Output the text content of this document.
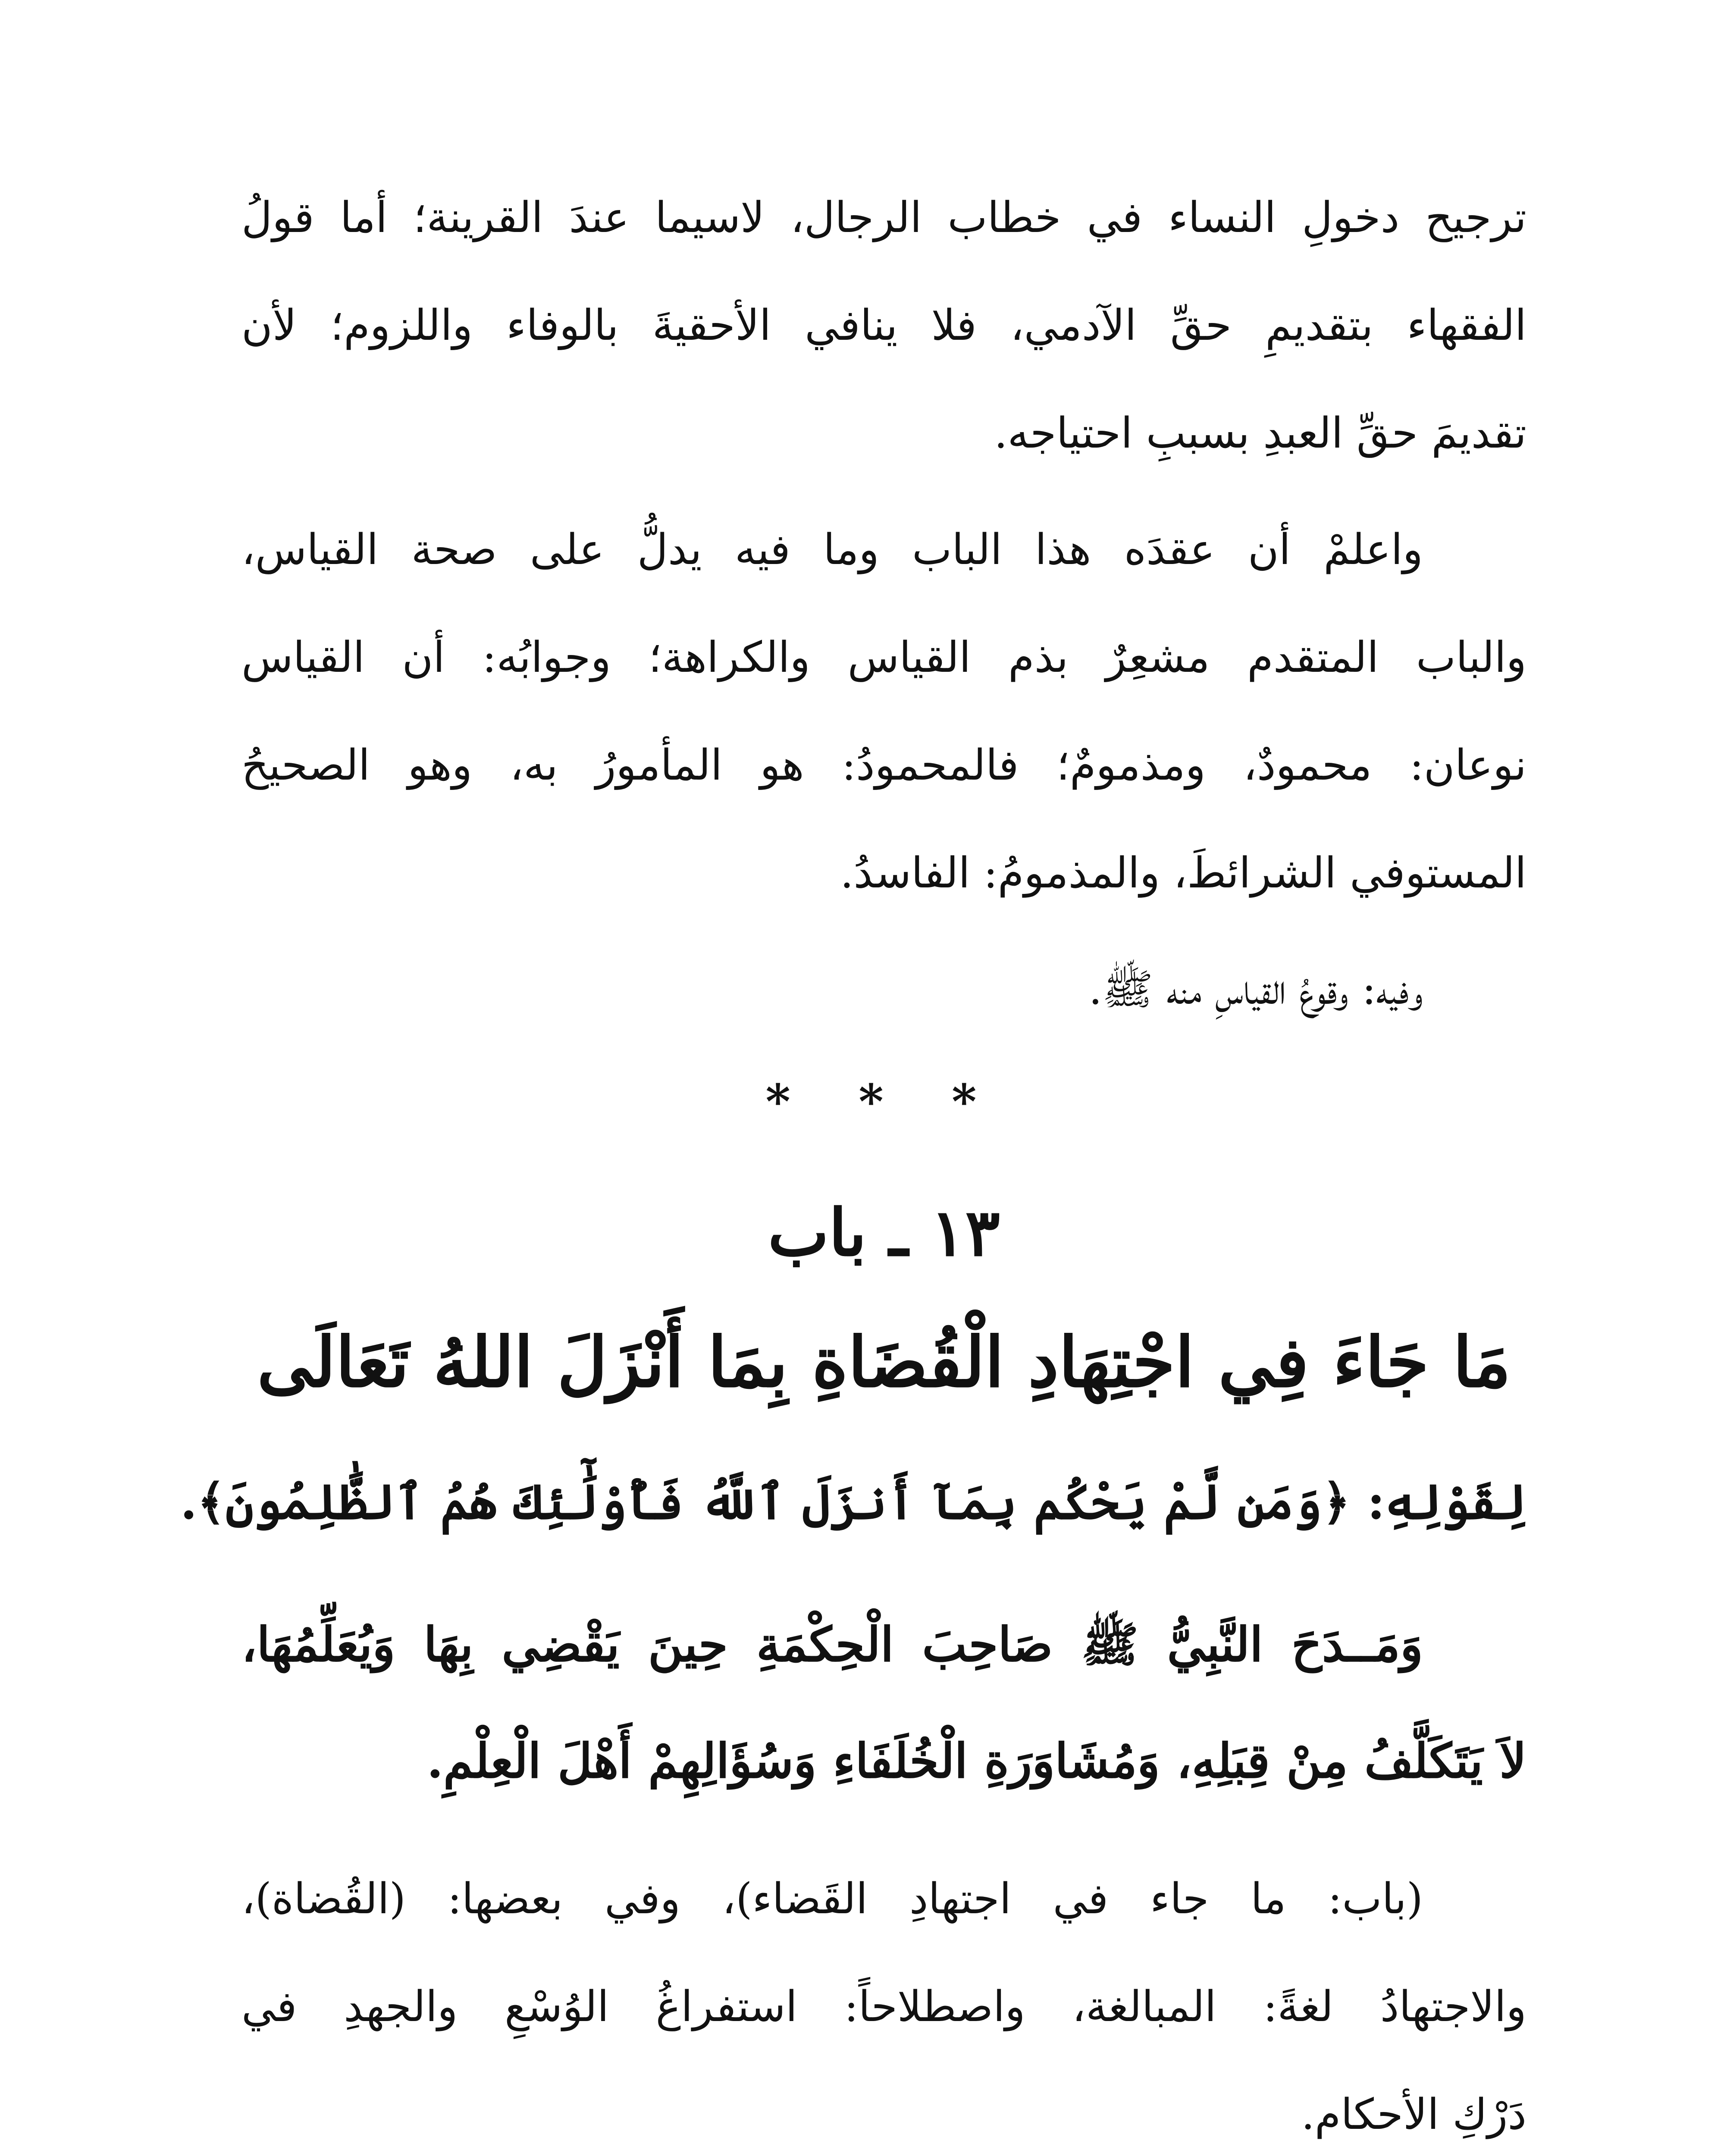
ترجيح دخولِ النساء في خطاب الرجال، لاسيما عندَ القرينة؛ أما قولُ
الفقهاء بتقديمِ حقِّ الآدمي، فلا ينافي الأحقيةَ بالوفاء واللزوم؛ لأن
تقديمَ حقِّ العبدِ بسببِ احتياجه.
واعلمْ أن عقدَه هذا الباب وما فيه يدلُّ على صحة القياس،
والباب المتقدم مشعِرٌ بذم القياس والكراهة؛ وجوابُه: أن القياس
نوعان: محمودٌ، ومذمومٌ؛ فالمحمودُ: هو المأمورُ به، وهو الصحيحُ
المستوفي الشرائطَ، والمذمومُ: الفاسدُ.
وفيه: وقوعُ القياسِ منه ﷺ.
* * *
١٣ ـ باب
مَا جَاءَ فِي اجْتِهَادِ الْقُضَاةِ بِمَا أَنْزَلَ اللهُ تَعَالَى
لِقَوْلِهِ: ﴿وَمَن لَّمْ يَحْكُم بِمَآ أَنزَلَ ٱللَّهُ فَأُوْلَٰٓئِكَ هُمُ ٱلظَّٰلِمُونَ﴾.
وَمَــدَحَ النَّبِيُّ ﷺ صَاحِبَ الْحِكْمَةِ حِينَ يَقْضِي بِهَا وَيُعَلِّمُهَا،
لاَ يَتَكَلَّفُ مِنْ قِبَلِهِ، وَمُشَاوَرَةِ الْخُلَفَاءِ وَسُؤَالِهِمْ أَهْلَ الْعِلْمِ.
(باب: ما جاء في اجتهادِ القَضاء)، وفي بعضها: (القُضاة)،
والاجتهادُ لغةً: المبالغة، واصطلاحاً: استفراغُ الوُسْعِ والجهدِ في
دَرْكِ الأحكام.
